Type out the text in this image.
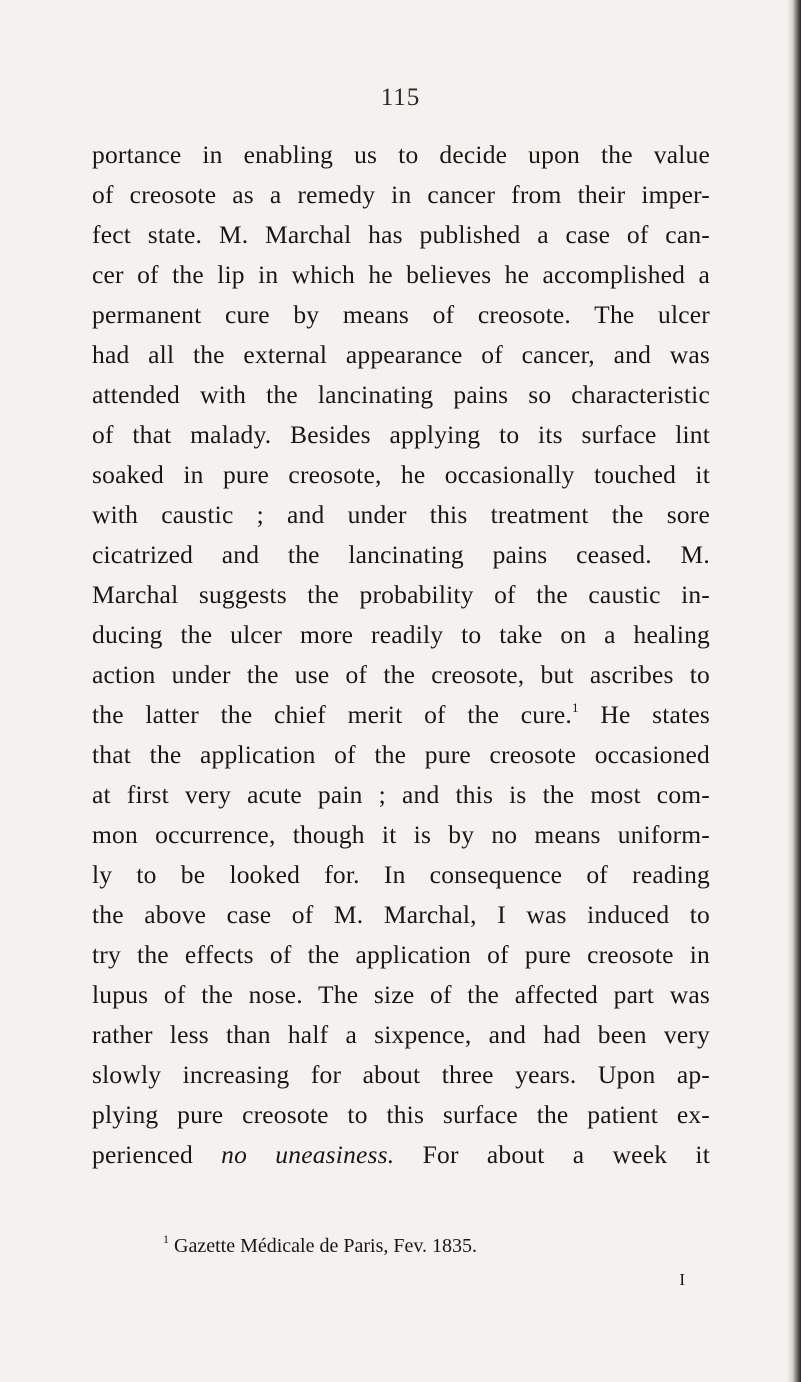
115
portance in enabling us to decide upon the value
of creosote as a remedy in cancer from their imper-
fect state. M. Marchal has published a case of can-
cer of the lip in which he believes he accomplished a
permanent cure by means of creosote. The ulcer
had all the external appearance of cancer, and was
attended with the lancinating pains so characteristic
of that malady. Besides applying to its surface lint
soaked in pure creosote, he occasionally touched it
with caustic ; and under this treatment the sore
cicatrized and the lancinating pains ceased. M.
Marchal suggests the probability of the caustic in-
ducing the ulcer more readily to take on a healing
action under the use of the creosote, but ascribes to
the latter the chief merit of the cure.$^1$ He states
that the application of the pure creosote occasioned
at first very acute pain ; and this is the most com-
mon occurrence, though it is by no means uniform-
ly to be looked for. In consequence of reading
the above case of M. Marchal, I was induced to
try the effects of the application of pure creosote in
lupus of the nose. The size of the affected part was
rather less than half a sixpence, and had been very
slowly increasing for about three years. Upon ap-
plying pure creosote to this surface the patient ex-
perienced no uneasiness. For about a week it
$^1$ Gazette Médicale de Paris, Fev. 1835.
I
